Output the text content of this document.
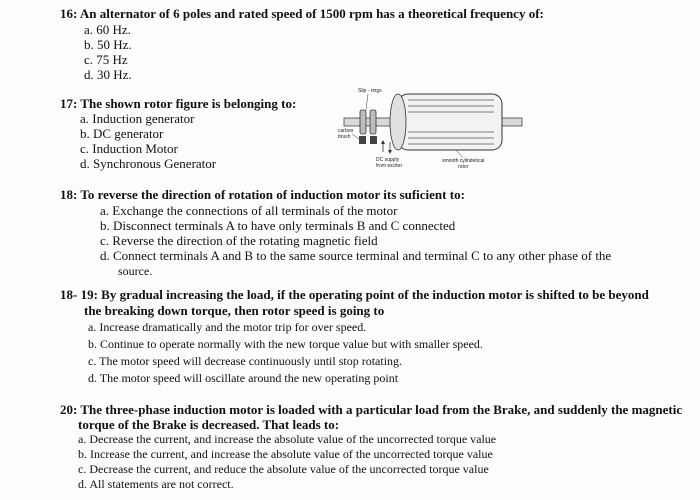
16: An alternator of 6 poles and rated speed of 1500 rpm has a theoretical frequency of:
a. 60 Hz.
b. 50 Hz.
c. 75 Hz
d. 30 Hz.
17: The shown rotor figure is belonging to:
a. Induction generator
b. DC generator
c. Induction Motor
d. Synchronous Generator
Slip - rings
carbon
brush
DC supply
from exciter
smooth cylinderical
rotor
18: To reverse the direction of rotation of induction motor its suficient to:
a. Exchange the connections of all terminals of the motor
b. Disconnect terminals A to have only terminals B and C connected
c. Reverse the direction of the rotating magnetic field
d. Connect terminals A and B to the same source terminal and terminal C to any other phase of the
source.
18- 19: By gradual increasing the load, if the operating point of the induction motor is shifted to be beyond
the breaking down torque, then rotor speed is going to
a. Increase dramatically and the motor trip for over speed.
b. Continue to operate normally with the new torque value but with smaller speed.
c. The motor speed will decrease continuously until stop rotating.
d. The motor speed will oscillate around the new operating point
20: The three-phase induction motor is loaded with a particular load from the Brake, and suddenly the magnetic
torque of the Brake is decreased. That leads to:
a. Decrease the current, and increase the absolute value of the uncorrected torque value
b. Increase the current, and increase the absolute value of the uncorrected torque value
c. Decrease the current, and reduce the absolute value of the uncorrected torque value
d. All statements are not correct.
